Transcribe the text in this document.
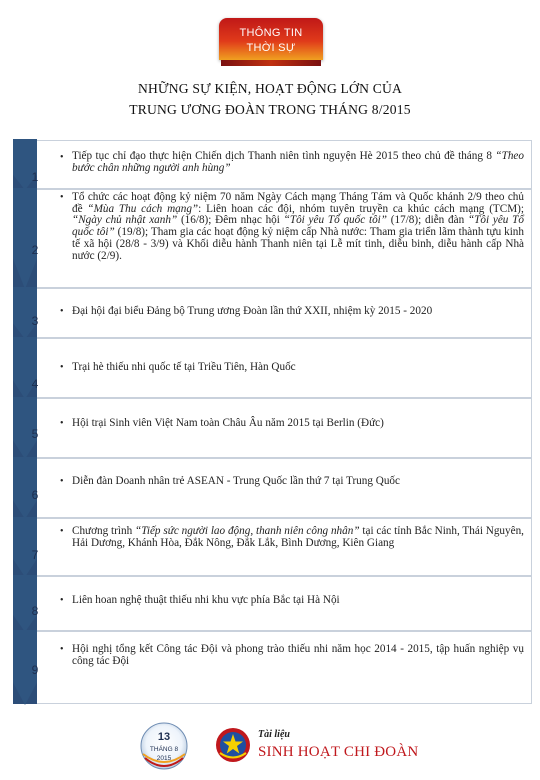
THÔNG TIN
THỜI SỰ
NHỮNG SỰ KIỆN, HOẠT ĐỘNG LỚN CỦA
TRUNG ƯƠNG ĐOÀN TRONG THÁNG 8/2015
1
• Tiếp tục chỉ đạo thực hiện Chiến dịch Thanh niên tình nguyện Hè 2015 theo chủ đề tháng 8 “Theo bước chân những người anh hùng”
2
• Tổ chức các hoạt động kỷ niệm 70 năm Ngày Cách mạng Tháng Tám và Quốc khánh 2/9 theo chủ đề “Mùa Thu cách mạng”: Liên hoan các đội, nhóm tuyên truyền ca khúc cách mạng (TCM); “Ngày chủ nhật xanh” (16/8); Đêm nhạc hội “Tôi yêu Tổ quốc tôi” (17/8); diễn đàn “Tôi yêu Tổ quốc tôi” (19/8); Tham gia các hoạt động kỷ niệm cấp Nhà nước: Tham gia triển lãm thành tựu kinh tế xã hội (28/8 - 3/9) và Khối diễu hành Thanh niên tại Lễ mít tinh, diễu binh, diễu hành cấp Nhà nước (2/9).
3
• Đại hội đại biểu Đảng bộ Trung ương Đoàn lần thứ XXII, nhiệm kỳ 2015 - 2020
4
• Trại hè thiếu nhi quốc tế tại Triều Tiên, Hàn Quốc
5
• Hội trại Sinh viên Việt Nam toàn Châu Âu năm 2015 tại Berlin (Đức)
6
• Diễn đàn Doanh nhân trẻ ASEAN - Trung Quốc lần thứ 7 tại Trung Quốc
7
• Chương trình “Tiếp sức người lao động, thanh niên công nhân” tại các tỉnh Bắc Ninh, Thái Nguyên, Hải Dương, Khánh Hòa, Đắk Nông, Đắk Lắk, Bình Dương, Kiên Giang
8
• Liên hoan nghệ thuật thiếu nhi khu vực phía Bắc tại Hà Nội
9
• Hội nghị tổng kết Công tác Đội và phong trào thiếu nhi năm học 2014 - 2015, tập huấn nghiệp vụ công tác Đội
13
THÁNG 8
2015
Tài liệu
SINH HOẠT CHI ĐOÀN
